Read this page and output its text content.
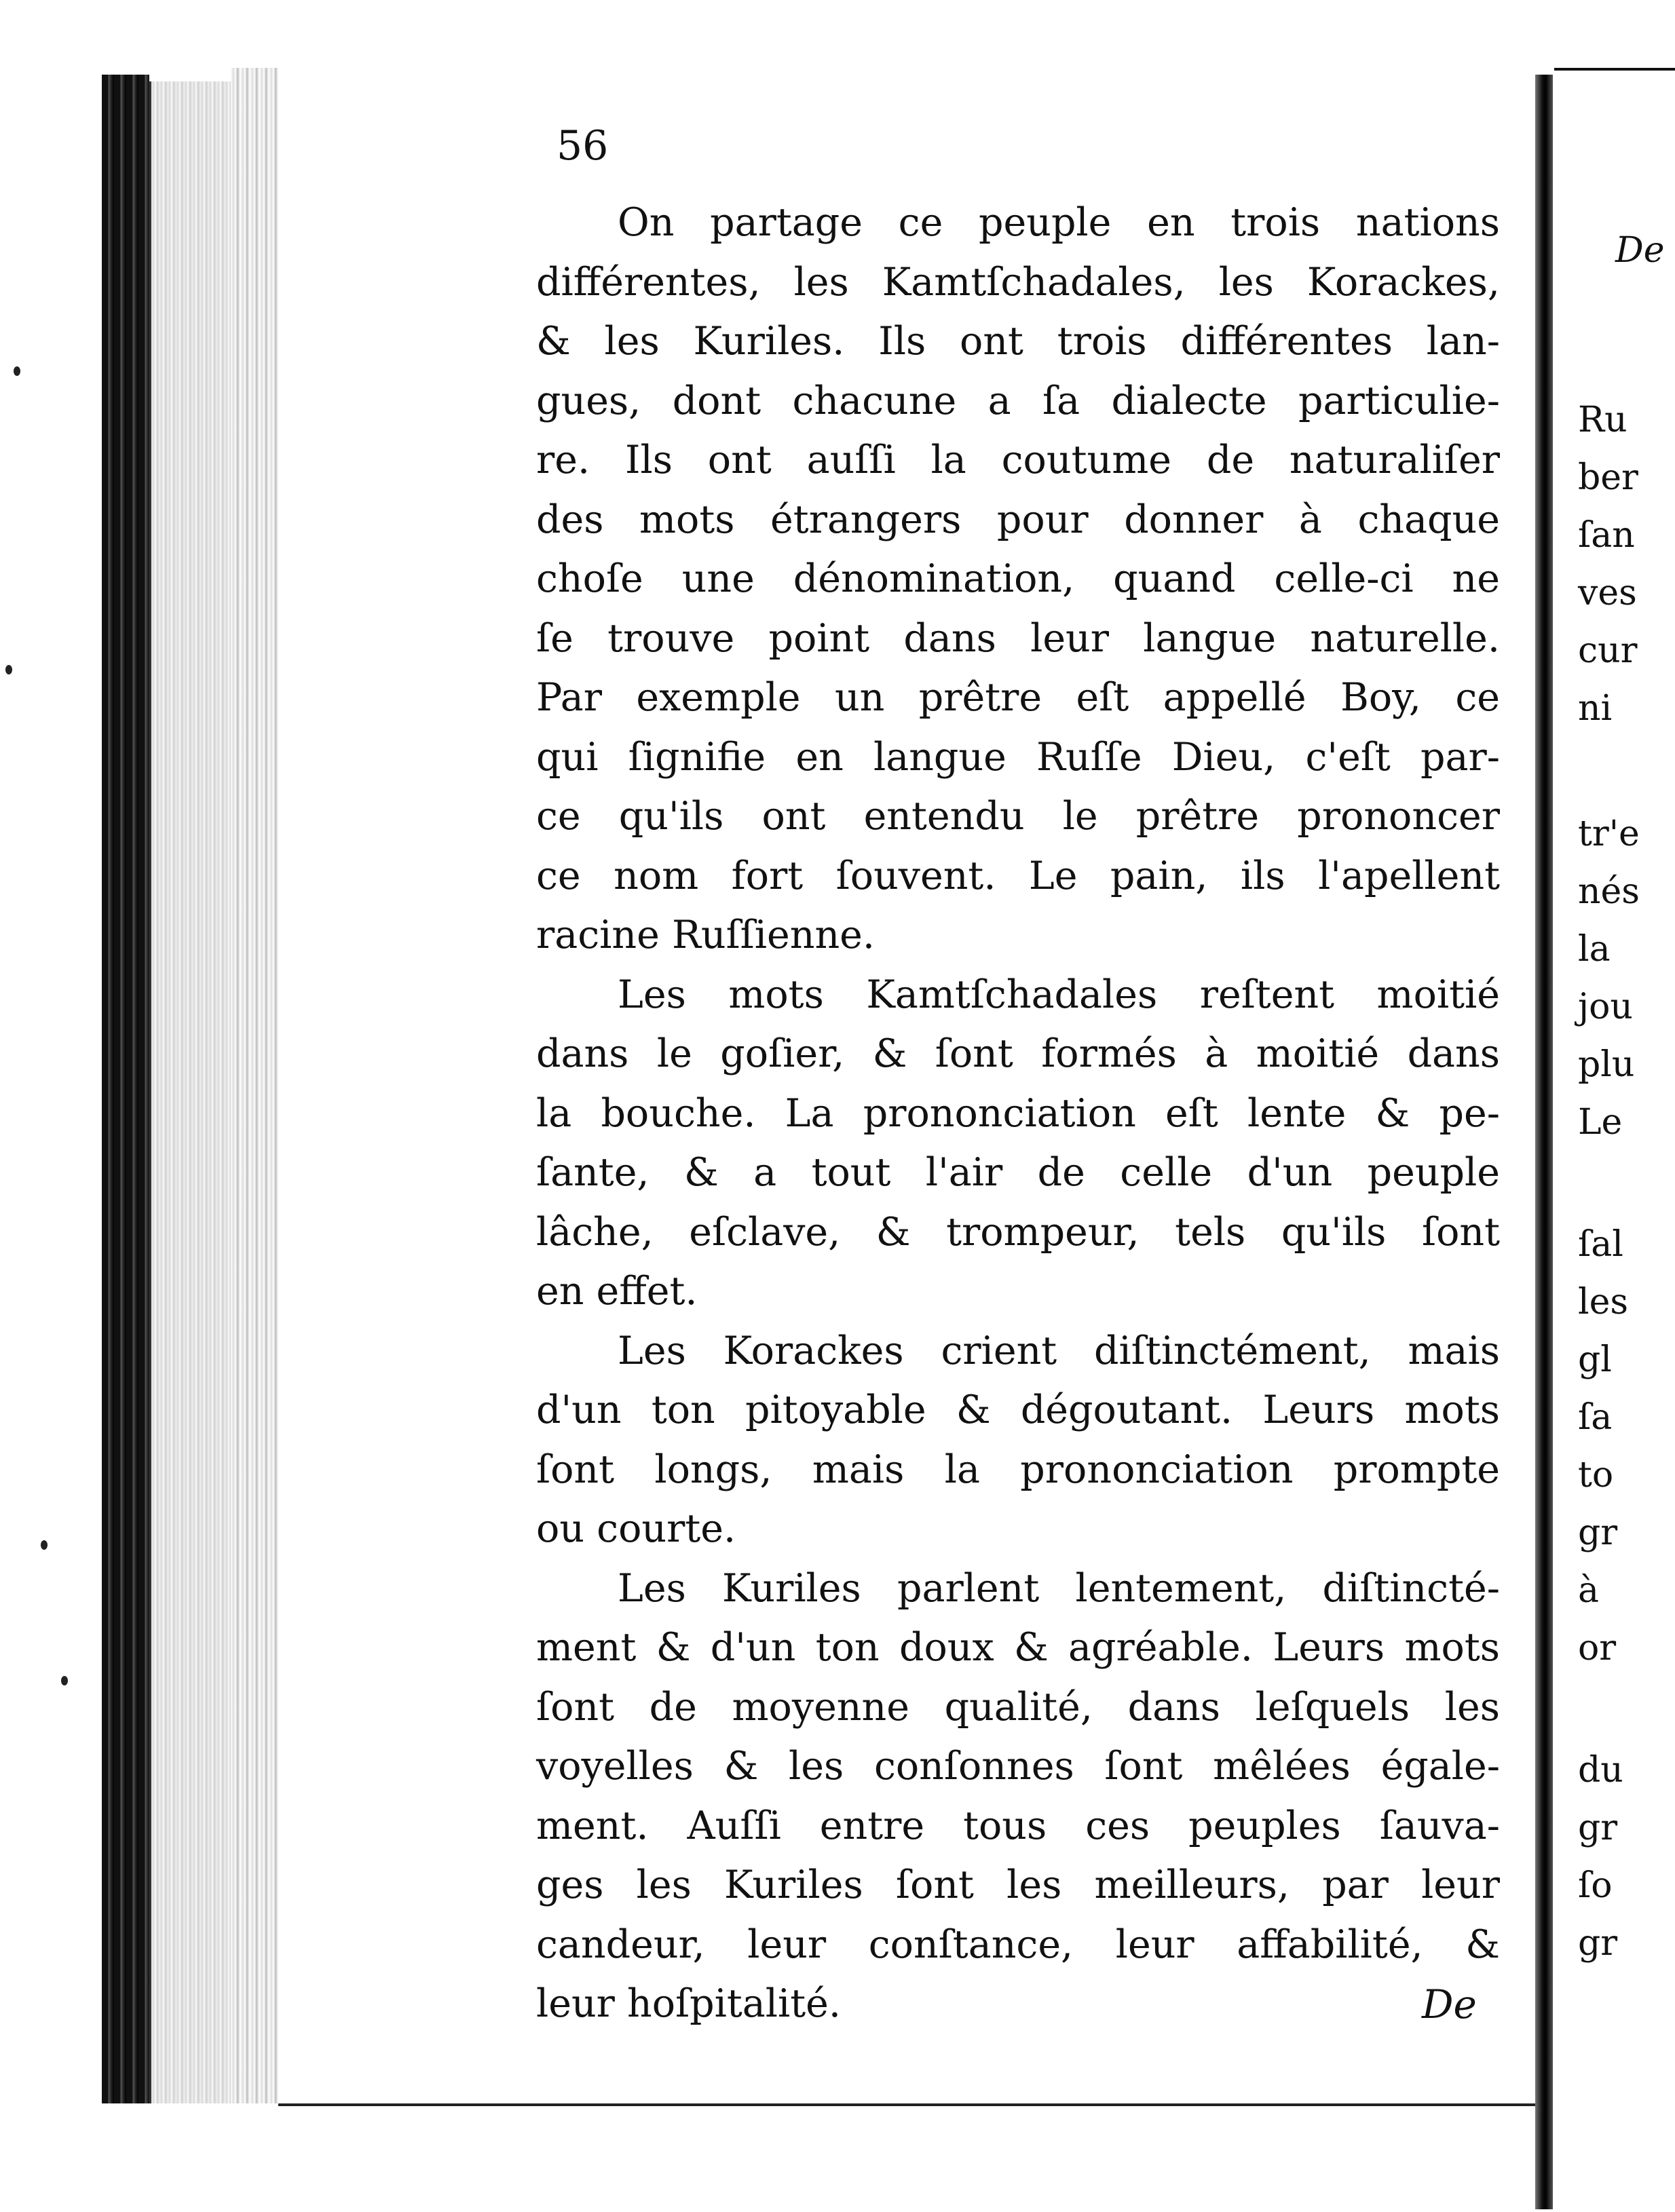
56
On partage ce peuple en trois nations
différentes, les Kamtſchadales, les Korackes,
& les Kuriles. Ils ont trois différentes lan-
gues, dont chacune a ſa dialecte particulie-
re. Ils ont auſſi la coutume de naturaliſer
des mots étrangers pour donner à chaque
choſe une dénomination, quand celle-ci ne
ſe trouve point dans leur langue naturelle.
Par exemple un prêtre eſt appellé Boy, ce
qui ſignifie en langue Ruſſe Dieu, c'eſt par-
ce qu'ils ont entendu le prêtre prononcer
ce nom fort ſouvent. Le pain, ils l'apellent
racine Ruſſienne.
Les mots Kamtſchadales reſtent moitié
dans le goſier, & ſont formés à moitié dans
la bouche. La prononciation eſt lente & pe-
ſante, & a tout l'air de celle d'un peuple
lâche, eſclave, & trompeur, tels qu'ils ſont
en effet.
Les Korackes crient diſtinctément, mais
d'un ton pitoyable & dégoutant. Leurs mots
ſont longs, mais la prononciation prompte
ou courte.
Les Kuriles parlent lentement, diſtincté-
ment & d'un ton doux & agréable. Leurs mots
ſont de moyenne qualité, dans leſquels les
voyelles & les conſonnes ſont mêlées égale-
ment. Auſſi entre tous ces peuples ſauva-
ges les Kuriles ſont les meilleurs, par leur
candeur, leur conſtance, leur affabilité, &
leur hoſpitalité.	De
De
Ru
ber
ſan
ves
cur
ni
tr'e
nés
la
jou
plu
Le
ſal
les
gl
ſa
to
gr
à
or
du
gr
ſo
gr
